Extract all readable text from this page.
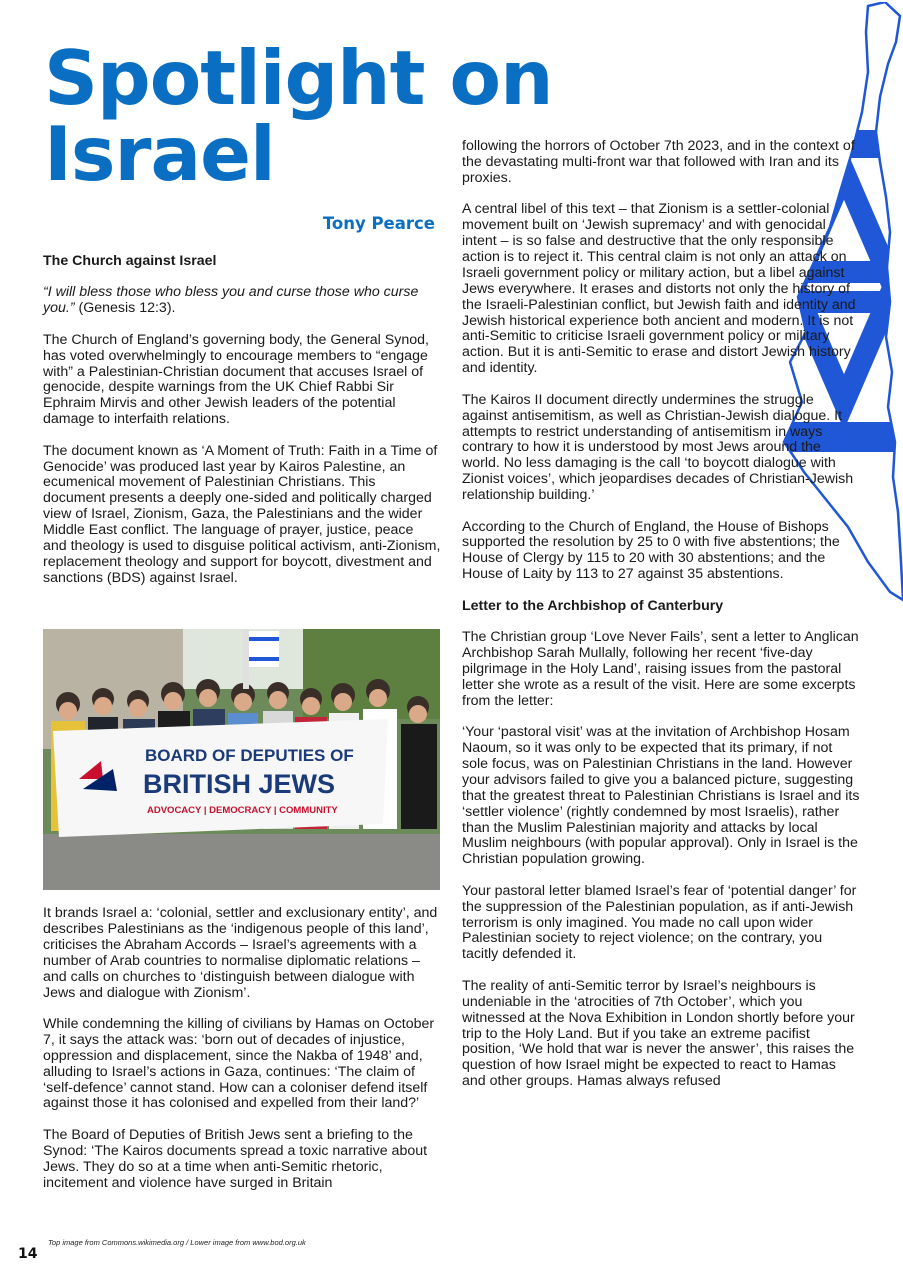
Spotlight on
Israel
Tony Pearce
The Church against Israel

“I will bless those who bless you and curse those who curse you.” (Genesis 12:3).

The Church of England’s governing body, the General Synod, has voted overwhelmingly to encourage members to “engage with” a Palestinian-Christian document that accuses Israel of genocide, despite warnings from the UK Chief Rabbi Sir Ephraim Mirvis and other Jewish leaders of the potential damage to interfaith relations.

The document known as ‘A Moment of Truth: Faith in a Time of Genocide’ was produced last year by Kairos Palestine, an ecumenical movement of Palestinian Christians. This document presents a deeply one-sided and politically charged view of Israel, Zionism, Gaza, the Palestinians and the wider Middle East conflict. The language of prayer, justice, peace and theology is used to disguise political activism, anti-Zionism, replacement theology and support for boycott, divestment and sanctions (BDS) against Israel.

BOARD OF DEPUTIES OF
BRITISH JEWS
ADVOCACY | DEMOCRACY | COMMUNITY

It brands Israel a: ‘colonial, settler and exclusionary entity’, and describes Palestinians as the ‘indigenous people of this land’, criticises the Abraham Accords – Israel’s agreements with a number of Arab countries to normalise diplomatic relations – and calls on churches to ‘distinguish between dialogue with Jews and dialogue with Zionism’.

While condemning the killing of civilians by Hamas on October 7, it says the attack was: ‘born out of decades of injustice, oppression and displacement, since the Nakba of 1948’ and, alluding to Israel’s actions in Gaza, continues: ‘The claim of ‘self-defence’ cannot stand. How can a coloniser defend itself against those it has colonised and expelled from their land?’

The Board of Deputies of British Jews sent a briefing to the Synod: ‘The Kairos documents spread a toxic narrative about Jews. They do so at a time when anti-Semitic rhetoric, incitement and violence have surged in Britain

following the horrors of October 7th 2023, and in the context of the devastating multi-front war that followed with Iran and its proxies.

A central libel of this text – that Zionism is a settler-colonial movement built on ‘Jewish supremacy’ and with genocidal intent – is so false and destructive that the only responsible action is to reject it. This central claim is not only an attack on Israeli government policy or military action, but a libel against Jews everywhere. It erases and distorts not only the history of the Israeli-Palestinian conflict, but Jewish faith and identity and Jewish historical experience both ancient and modern. It is not anti-Semitic to criticise Israeli government policy or military action. But it is anti-Semitic to erase and distort Jewish history and identity.

The Kairos II document directly undermines the struggle against antisemitism, as well as Christian-Jewish dialogue. It attempts to restrict understanding of antisemitism in ways contrary to how it is understood by most Jews around the world. No less damaging is the call ‘to boycott dialogue with Zionist voices’, which jeopardises decades of Christian-Jewish relationship building.’

According to the Church of England, the House of Bishops supported the resolution by 25 to 0 with five abstentions; the House of Clergy by 115 to 20 with 30 abstentions; and the House of Laity by 113 to 27 against 35 abstentions.

Letter to the Archbishop of Canterbury

The Christian group ‘Love Never Fails’, sent a letter to Anglican Archbishop Sarah Mullally, following her recent ‘five-day pilgrimage in the Holy Land’, raising issues from the pastoral letter she wrote as a result of the visit. Here are some excerpts from the letter:

‘Your ‘pastoral visit’ was at the invitation of Archbishop Hosam Naoum, so it was only to be expected that its primary, if not sole focus, was on Palestinian Christians in the land. However your advisors failed to give you a balanced picture, suggesting that the greatest threat to Palestinian Christians is Israel and its ‘settler violence’ (rightly condemned by most Israelis), rather than the Muslim Palestinian majority and attacks by local Muslim neighbours (with popular approval). Only in Israel is the Christian population growing.

Your pastoral letter blamed Israel’s fear of ‘potential danger’ for the suppression of the Palestinian population, as if anti-Jewish terrorism is only imagined. You made no call upon wider Palestinian society to reject violence; on the contrary, you tacitly defended it.

The reality of anti-Semitic terror by Israel’s neighbours is undeniable in the ‘atrocities of 7th October’, which you witnessed at the Nova Exhibition in London shortly before your trip to the Holy Land. But if you take an extreme pacifist position, ‘We hold that war is never the answer’, this raises the question of how Israel might be expected to react to Hamas and other groups. Hamas always refused

14
Top image from Commons.wikimedia.org / Lower image from www.bod.org.uk
